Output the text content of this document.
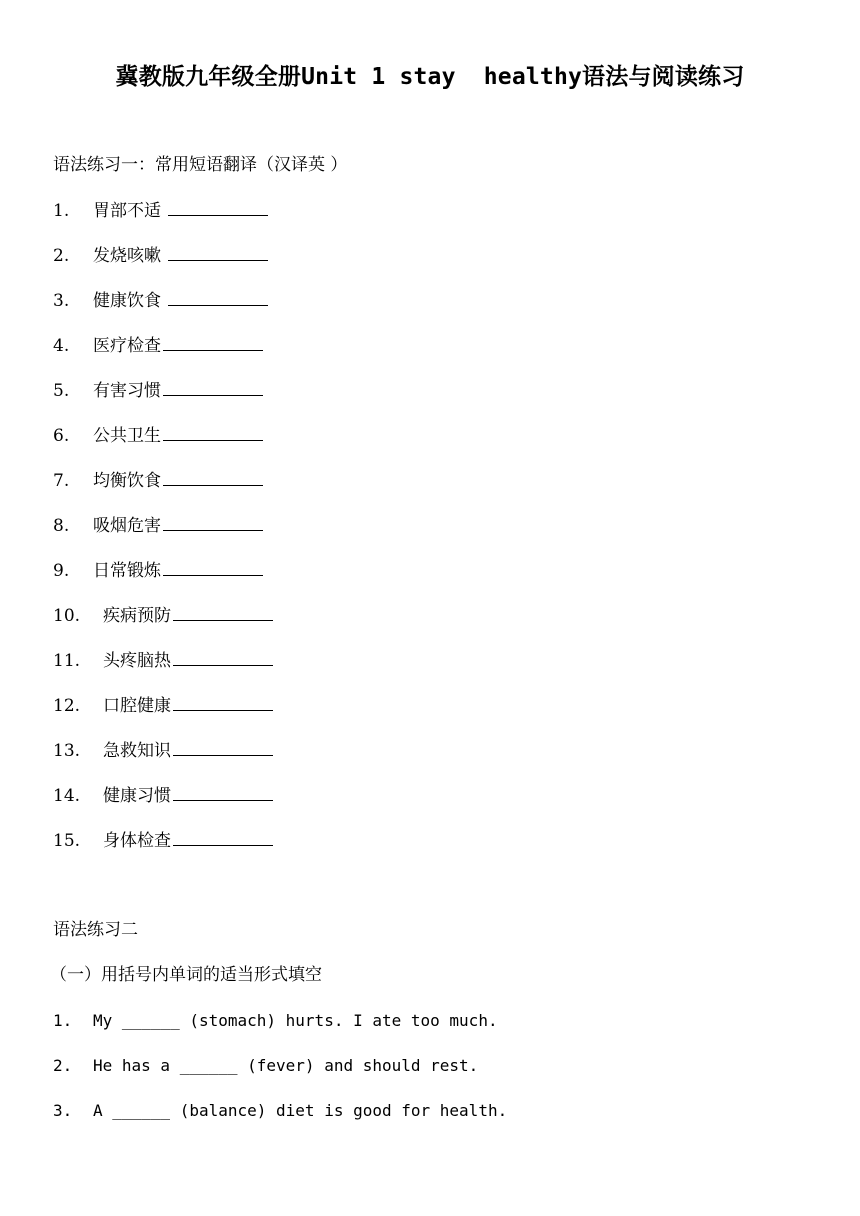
冀教版九年级全册Unit 1 stay  healthy语法与阅读练习
语法练习一：常用短语翻译（汉译英 ）
1. 胃部不适
2. 发烧咳嗽
3. 健康饮食
4. 医疗检查
5. 有害习惯
6. 公共卫生
7. 均衡饮食
8. 吸烟危害
9. 日常锻炼
10. 疾病预防
11. 头疼脑热
12. 口腔健康
13. 急救知识
14. 健康习惯
15. 身体检查
语法练习二
（一）用括号内单词的适当形式填空
1. My ______ (stomach) hurts. I ate too much.
2. He has a ______ (fever) and should rest.
3. A ______ (balance) diet is good for health.
